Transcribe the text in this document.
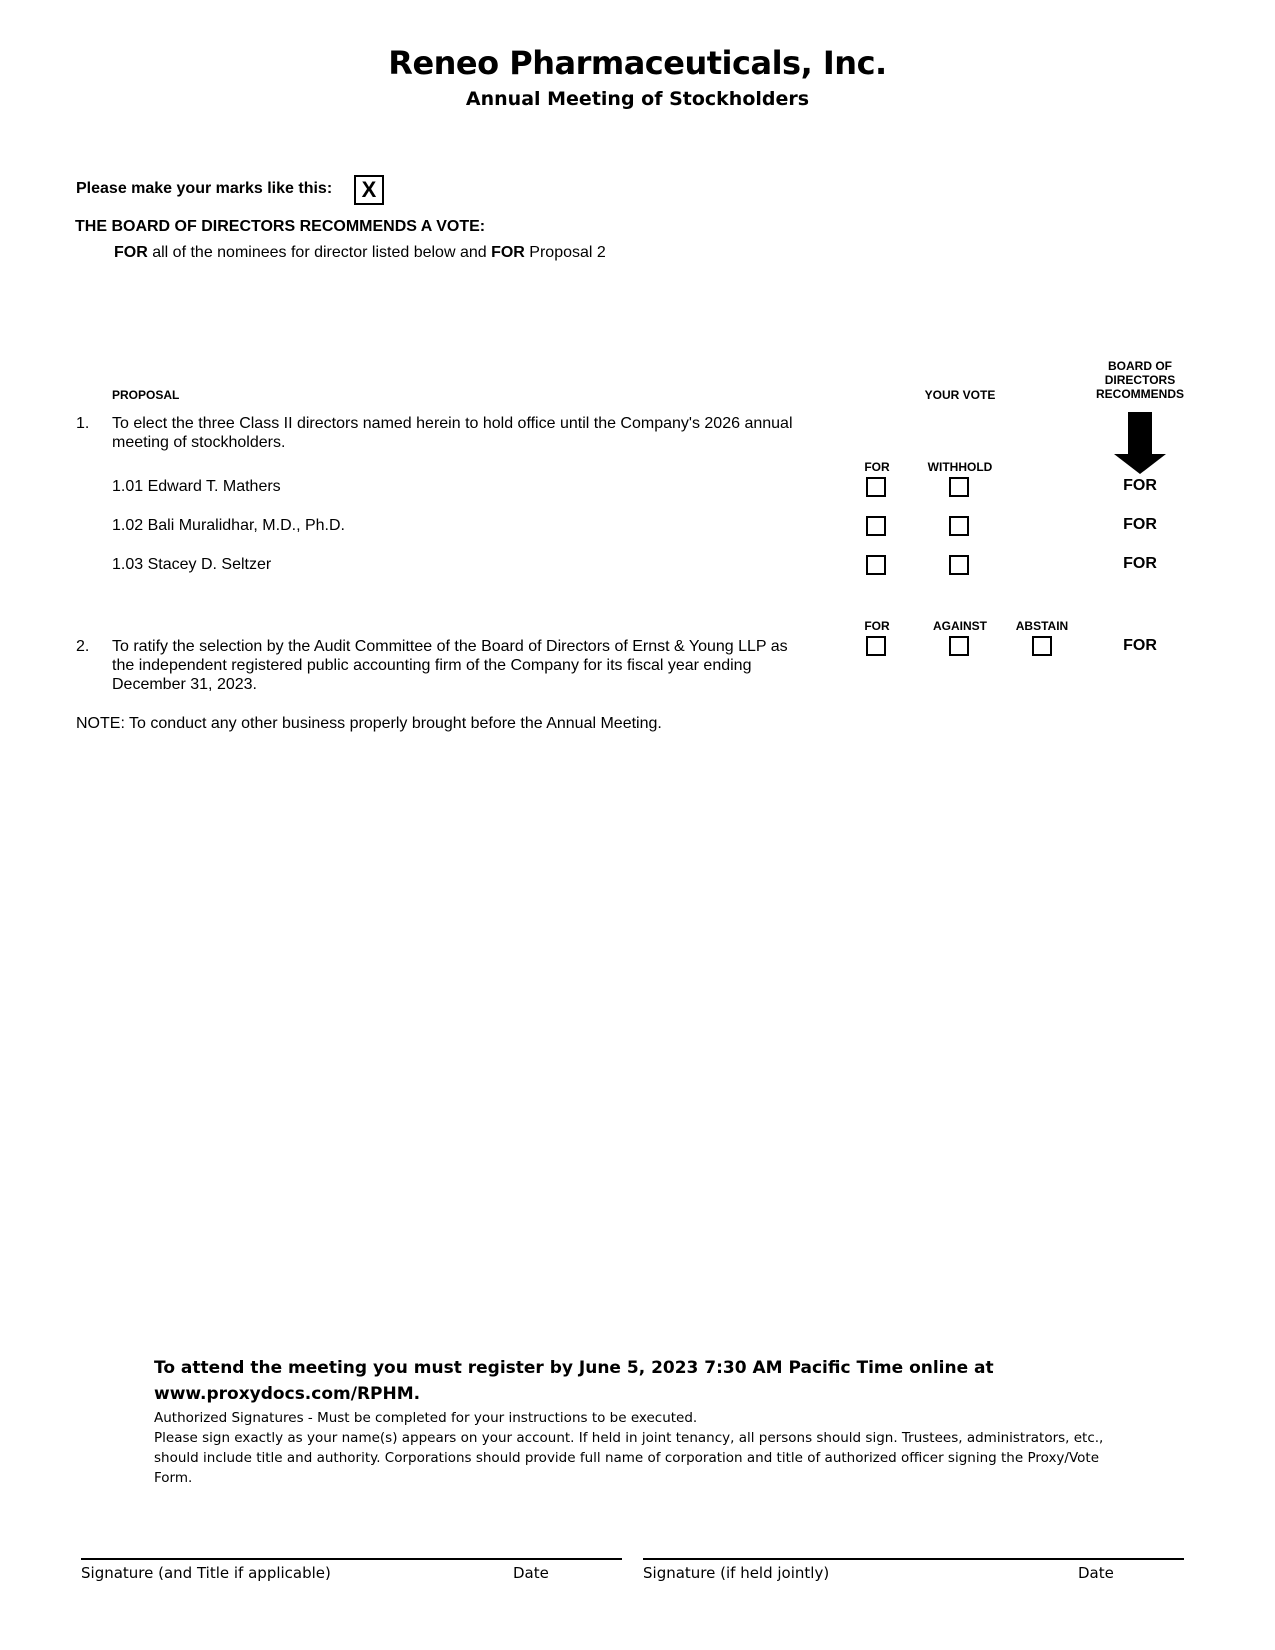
Reneo Pharmaceuticals, Inc.
Annual Meeting of Stockholders
Please make your marks like this:	X
THE BOARD OF DIRECTORS RECOMMENDS A VOTE:
FOR all of the nominees for director listed below and FOR Proposal 2
PROPOSAL	YOUR VOTE
BOARD OF
DIRECTORS
RECOMMENDS
1. To elect the three Class II directors named herein to hold office until the Company's 2026 annual
meeting of stockholders.
FOR	WITHHOLD
1.01 Edward T. Mathers	FOR
1.02 Bali Muralidhar, M.D., Ph.D.	FOR
1.03 Stacey D. Seltzer	FOR
FOR	AGAINST	ABSTAIN
2. To ratify the selection by the Audit Committee of the Board of Directors of Ernst & Young LLP as
the independent registered public accounting firm of the Company for its fiscal year ending
December 31, 2023.
FOR
NOTE: To conduct any other business properly brought before the Annual Meeting.
To attend the meeting you must register by June 5, 2023 7:30 AM Pacific Time online at
www.proxydocs.com/RPHM.
Authorized Signatures - Must be completed for your instructions to be executed.
Please sign exactly as your name(s) appears on your account. If held in joint tenancy, all persons should sign. Trustees, administrators, etc., should include title and authority. Corporations should provide full name of corporation and title of authorized officer signing the Proxy/Vote Form.
Signature (and Title if applicable)	Date	Signature (if held jointly)	Date
